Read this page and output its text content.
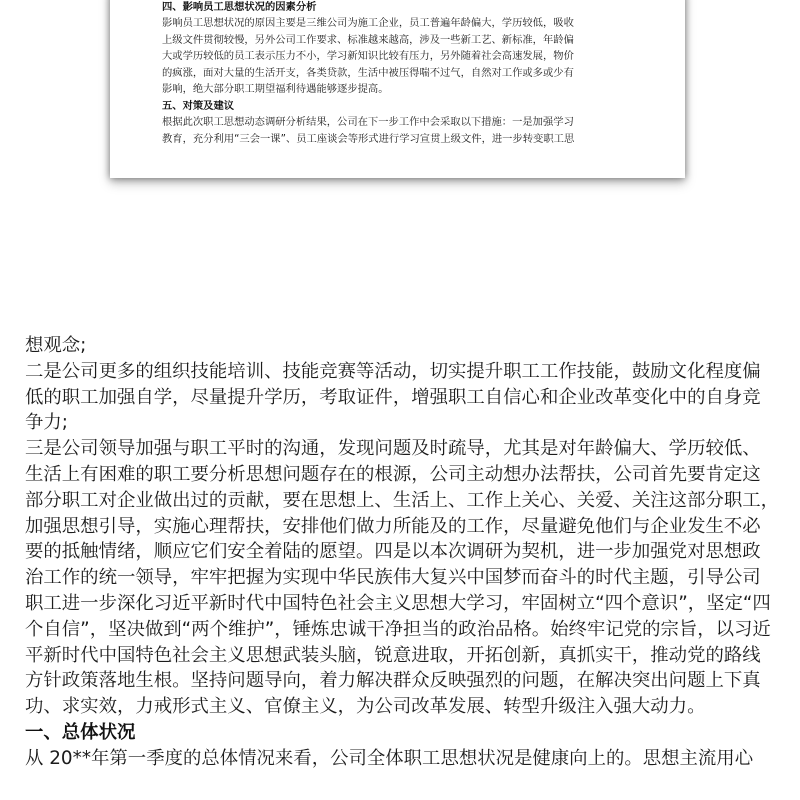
四、影响员工思想状况的因素分析
影响员工思想状况的原因主要是三维公司为施工企业，员工普遍年龄偏大，学历较低，吸收
上级文件贯彻较慢，另外公司工作要求、标准越来越高，涉及一些新工艺、新标准，年龄偏
大或学历较低的员工表示压力不小，学习新知识比较有压力，另外随着社会高速发展，物价
的疯涨，面对大量的生活开支，各类贷款，生活中被压得喘不过气，自然对工作或多或少有
影响，绝大部分职工期望福利待遇能够逐步提高。
五、对策及建议
根据此次职工思想动态调研分析结果，公司在下一步工作中会采取以下措施：一是加强学习
教育，充分利用“三会一课”、员工座谈会等形式进行学习宣贯上级文件，进一步转变职工思
想观念;
二是公司更多的组织技能培训、技能竞赛等活动，切实提升职工工作技能，鼓励文化程度偏
低的职工加强自学，尽量提升学历，考取证件，增强职工自信心和企业改革变化中的自身竞
争力;
三是公司领导加强与职工平时的沟通，发现问题及时疏导，尤其是对年龄偏大、学历较低、
生活上有困难的职工要分析思想问题存在的根源，公司主动想办法帮扶，公司首先要肯定这
部分职工对企业做出过的贡献，要在思想上、生活上、工作上关心、关爱、关注这部分职工，
加强思想引导，实施心理帮扶，安排他们做力所能及的工作，尽量避免他们与企业发生不必
要的抵触情绪，顺应它们安全着陆的愿望。四是以本次调研为契机，进一步加强党对思想政
治工作的统一领导，牢牢把握为实现中华民族伟大复兴中国梦而奋斗的时代主题，引导公司
职工进一步深化习近平新时代中国特色社会主义思想大学习，牢固树立“四个意识”，坚定“四
个自信”，坚决做到“两个维护”，锤炼忠诚干净担当的政治品格。始终牢记党的宗旨，以习近
平新时代中国特色社会主义思想武装头脑，锐意进取，开拓创新，真抓实干，推动党的路线
方针政策落地生根。坚持问题导向，着力解决群众反映强烈的问题，在解决突出问题上下真
功、求实效，力戒形式主义、官僚主义，为公司改革发展、转型升级注入强大动力。
一、总体状况
从 20**年第一季度的总体情况来看，公司全体职工思想状况是健康向上的。思想主流用心
